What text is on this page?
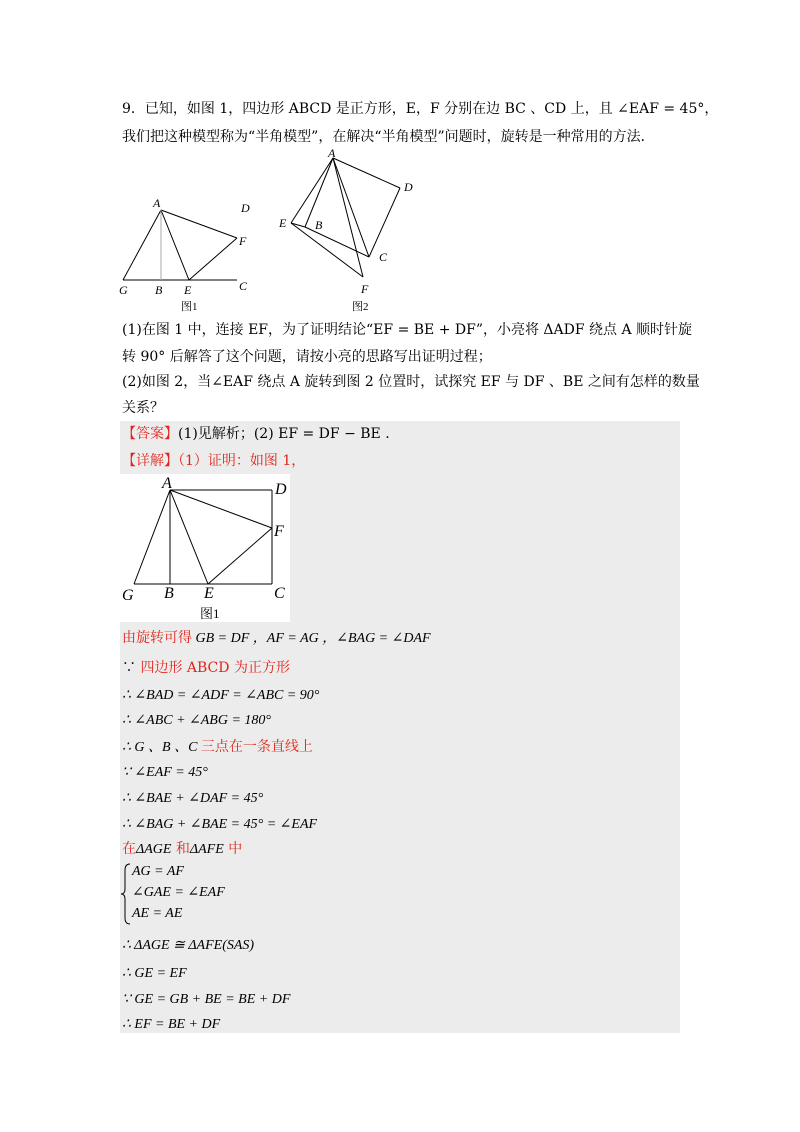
9．已知，如图 1，四边形 ABCD 是正方形，E，F 分别在边 BC 、CD 上，且 ∠EAF = 45°，
我们把这种模型称为“半角模型”，在解决“半角模型”问题时，旋转是一种常用的方法．
A	D
F
G B E	C
图1
A
D
E B
C
F
图2
(1)在图 1 中，连接 EF，为了证明结论“EF = BE + DF”，小亮将 ΔADF 绕点 A 顺时针旋
转 90° 后解答了这个问题，请按小亮的思路写出证明过程；
(2)如图 2，当∠EAF 绕点 A 旋转到图 2 位置时，试探究 EF 与 DF 、BE 之间有怎样的数量
关系？
【答案】(1)见解析；(2) EF = DF − BE .
【详解】（1）证明：如图 1，
A	D
F
G B E	C
图1
由旋转可得 GB = DF ，AF = AG ，∠BAG = ∠DAF
∵ 四边形 ABCD 为正方形
∴ ∠BAD = ∠ADF = ∠ABC = 90°
∴ ∠ABC + ∠ABG = 180°
∴ G 、B 、C 三点在一条直线上
∵ ∠EAF = 45°
∴ ∠BAE + ∠DAF = 45°
∴ ∠BAG + ∠BAE = 45° = ∠EAF
在ΔAGE 和ΔAFE 中
AG = AF
∠GAE = ∠EAF
AE = AE
∴ ΔAGE ≅ ΔAFE(SAS)
∴ GE = EF
∵ GE = GB + BE = BE + DF
∴ EF = BE + DF
